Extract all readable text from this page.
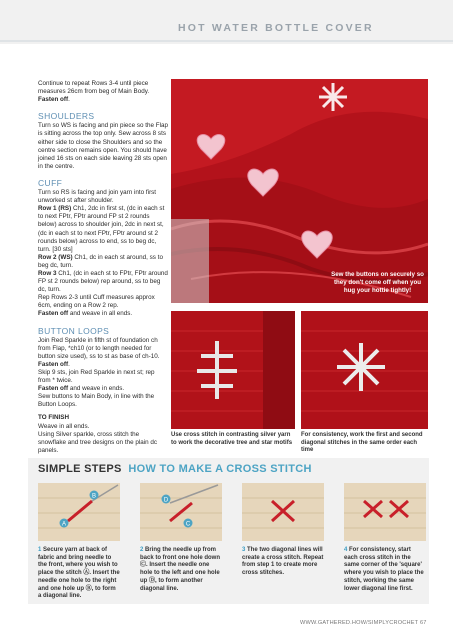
HOT WATER BOTTLE COVER

Continue to repeat Rows 3-4 until piece measures 26cm from beg of Main Body.
Fasten off.

SHOULDERS

Turn so WS is facing and pin piece so the Flap is sitting across the top only. Sew across 8 sts either side to close the Shoulders and so the centre section remains open. You should have joined 16 sts on each side leaving 28 sts open in the centre.

CUFF

Turn so RS is facing and join yarn into first unworked st after shoulder.

Row 1 (RS) Ch1, 2dc in first st, (dc in each st to next FPtr, FPtr around FP st 2 rounds below) across to shoulder join, 2dc in next st, (dc in each st to next FPtr, FPtr around st 2 rounds below) across to end, ss to beg dc, turn. [30 sts]

Row 2 (WS) Ch1, dc in each st around, ss to beg dc, turn.

Row 3 Ch1, (dc in each st to FPtr, FPtr around FP st 2 rounds below) rep around, ss to beg dc, turn.

Rep Rows 2-3 until Cuff measures approx 6cm, ending on a Row 2 rep.

Fasten off and weave in all ends.

BUTTON LOOPS

Join Red Sparkle in fifth st of foundation ch from Flap, *ch10 (or to length needed for button size used), ss to st as base of ch-10.

Fasten off.

Skip 9 sts, join Red Sparkle in next st; rep from * twice.

Fasten off and weave in ends.

Sew buttons to Main Body, in line with the Button Loops.

TO FINISH

Weave in all ends.

Using Silver sparkle, cross stitch the snowflake and tree designs on the plain dc panels.

Sew the buttons on securely so they don't come off when you hug your hottie tightly!
Use cross stitch in contrasting silver yarn to work the decorative tree and star motifs
For consistency, work the first and second diagonal stitches in the same order each time
SIMPLE STEPS HOW TO MAKE A CROSS STITCH
B
A
D
C
1 Secure yarn at back of fabric and bring needle to the front, where you wish to place the stitch Ⓐ. Insert the needle one hole to the right and one hole up Ⓑ, to form a diagonal line.
2 Bring the needle up from back to front one hole down Ⓒ. Insert the needle one hole to the left and one hole up Ⓓ, to form another diagonal line.
3 The two diagonal lines will create a cross stitch. Repeat from step 1 to create more cross stitches.
4 For consistency, start each cross stitch in the same corner of the 'square' where you wish to place the stitch, working the same lower diagonal line first.
WWW.GATHERED.HOW/SIMPLYCROCHET 67
